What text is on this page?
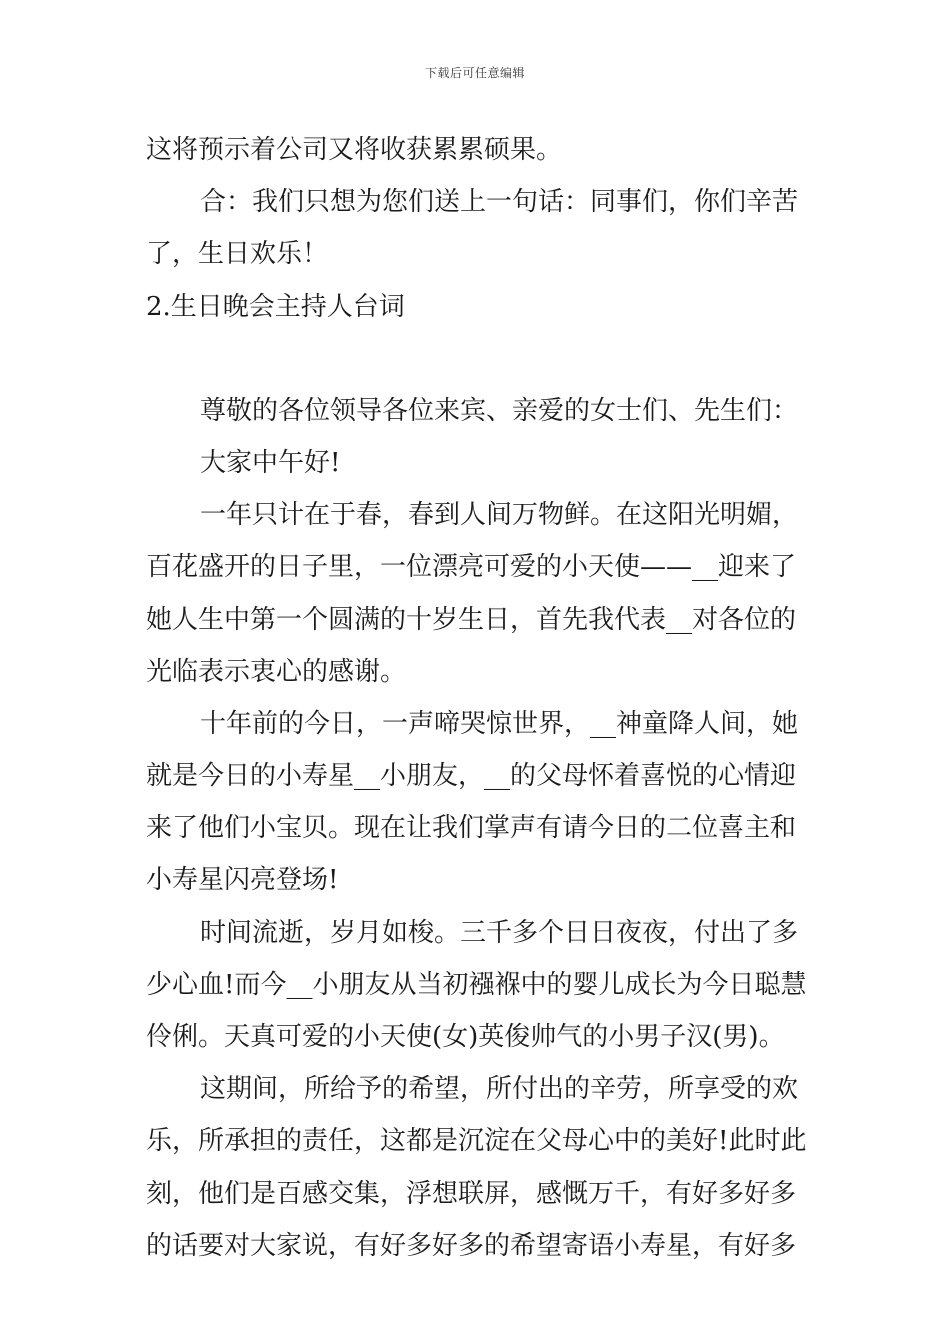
下载后可任意编辑
这将预示着公司又将收获累累硕果。
合：我们只想为您们送上一句话：同事们，你们辛苦
了，生日欢乐！
2.生日晚会主持人台词
尊敬的各位领导各位来宾、亲爱的女士们、先生们：
大家中午好!
一年只计在于春，春到人间万物鲜。在这阳光明媚，
百花盛开的日子里，一位漂亮可爱的小天使——__迎来了
她人生中第一个圆满的十岁生日，首先我代表__对各位的
光临表示衷心的感谢。
十年前的今日，一声啼哭惊世界，__神童降人间，她
就是今日的小寿星__小朋友，__的父母怀着喜悦的心情迎
来了他们小宝贝。现在让我们掌声有请今日的二位喜主和
小寿星闪亮登场!
时间流逝，岁月如梭。三千多个日日夜夜，付出了多
少心血!而今__小朋友从当初襁褓中的婴儿成长为今日聪慧
伶俐。天真可爱的小天使(女)英俊帅气的小男子汉(男)。
这期间，所给予的希望，所付出的辛劳，所享受的欢
乐，所承担的责任，这都是沉淀在父母心中的美好!此时此
刻，他们是百感交集，浮想联屏，感慨万千，有好多好多
的话要对大家说，有好多好多的希望寄语小寿星，有好多
